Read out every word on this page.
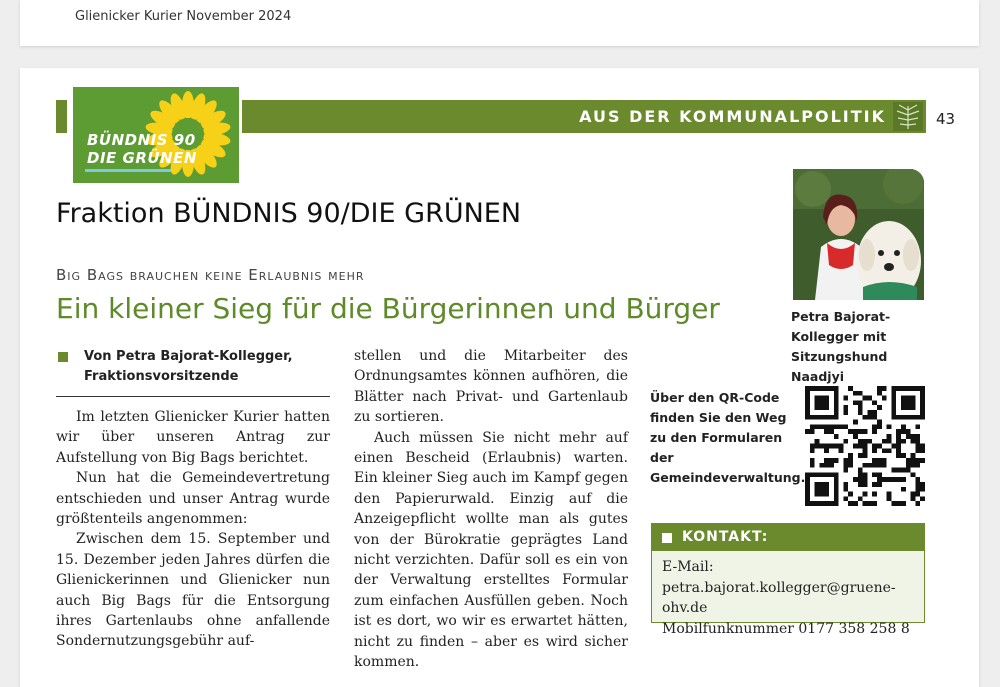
Glienicker Kurier November 2024
BÜNDNIS 90
DIE GRÜNEN
AUS DER KOMMUNALPOLITIK	43
Fraktion BÜNDNIS 90/DIE GRÜNEN
Big Bags brauchen keine Erlaubnis mehr
Ein kleiner Sieg für die Bürgerinnen und Bürger
Von Petra Bajorat-Kollegger,
Fraktionsvorsitzende

Im letzten Glienicker Kurier hatten wir über unseren Antrag zur Aufstellung von Big Bags berichtet.

Nun hat die Gemeindevertretung entschieden und unser Antrag wurde größtenteils angenommen:

Zwischen dem 15. September und 15. Dezember jeden Jahres dürfen die Glienickerinnen und Glienicker nun auch Big Bags für die Entsorgung ihres Gartenlaubs ohne anfallende Sondernutzungsgebühr auf-

stellen und die Mitarbeiter des Ordnungsamtes können aufhören, die Blätter nach Privat- und Gartenlaub zu sortieren.

Auch müssen Sie nicht mehr auf einen Bescheid (Erlaubnis) warten. Ein kleiner Sieg auch im Kampf gegen den Papierurwald. Einzig auf die Anzeigepflicht wollte man als gutes von der Bürokratie geprägtes Land nicht verzichten. Dafür soll es ein von der Verwaltung erstelltes Formular zum einfachen Ausfüllen geben. Noch ist es dort, wo wir es erwartet hätten, nicht zu finden – aber es wird sicher kommen.

Petra Bajorat-Kollegger mit Sitzungshund Naadjyi
Über den QR-Code finden Sie den Weg zu den Formularen der Gemeindeverwaltung.
KONTAKT:
E-Mail:
petra.bajorat.kollegger@gruene-ohv.de
Mobilfunknummer 0177 358 258 8
